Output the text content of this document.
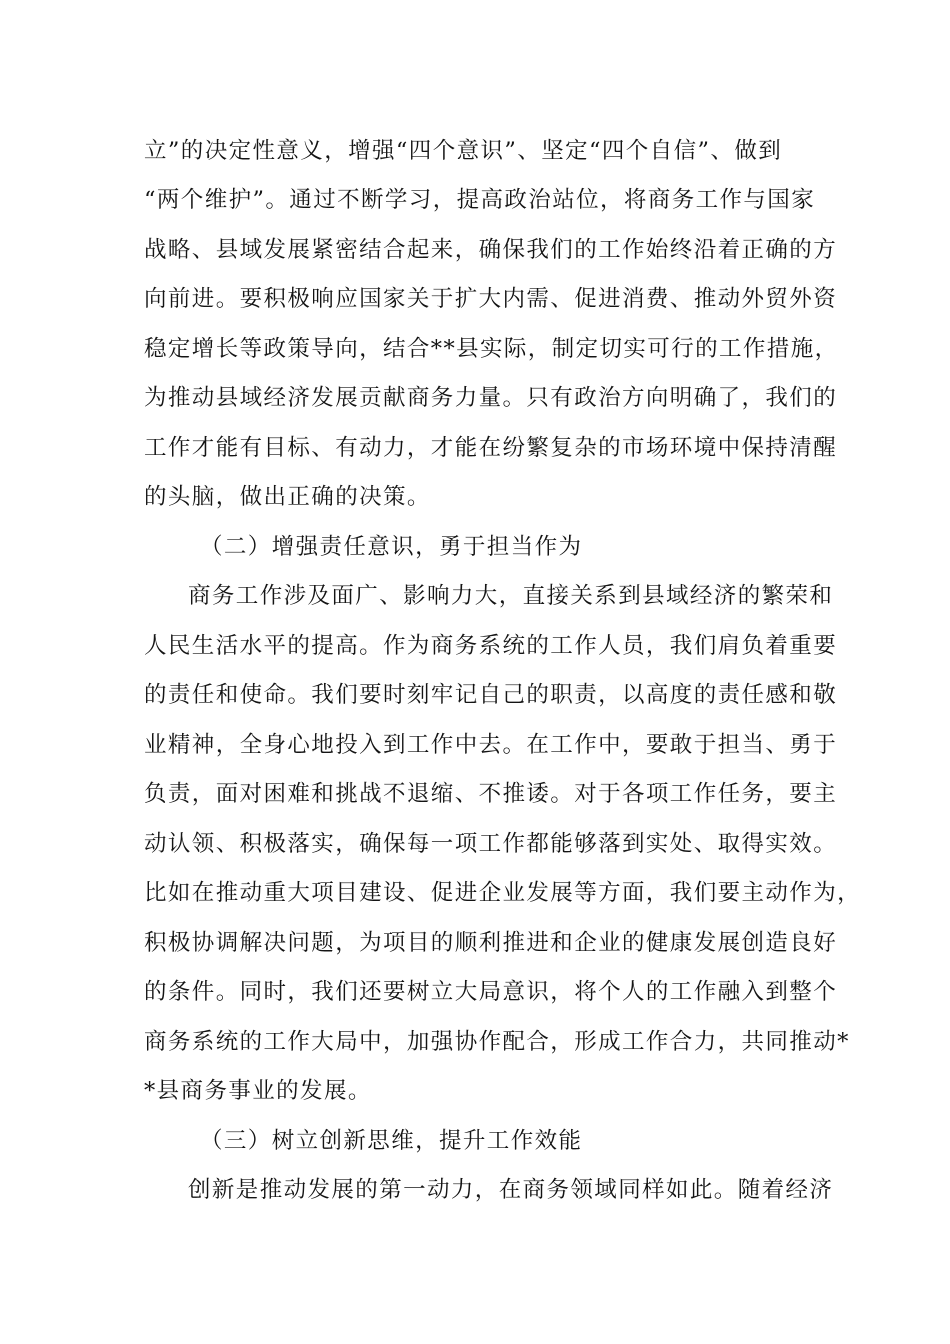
立”的决定性意义，增强“四个意识”、坚定“四个自信”、做到
“两个维护”。通过不断学习，提高政治站位，将商务工作与国家
战略、县域发展紧密结合起来，确保我们的工作始终沿着正确的方
向前进。要积极响应国家关于扩大内需、促进消费、推动外贸外资
稳定增长等政策导向，结合**县实际，制定切实可行的工作措施，
为推动县域经济发展贡献商务力量。只有政治方向明确了，我们的
工作才能有目标、有动力，才能在纷繁复杂的市场环境中保持清醒
的头脑，做出正确的决策。
（二）增强责任意识，勇于担当作为
商务工作涉及面广、影响力大，直接关系到县域经济的繁荣和
人民生活水平的提高。作为商务系统的工作人员，我们肩负着重要
的责任和使命。我们要时刻牢记自己的职责，以高度的责任感和敬
业精神，全身心地投入到工作中去。在工作中，要敢于担当、勇于
负责，面对困难和挑战不退缩、不推诿。对于各项工作任务，要主
动认领、积极落实，确保每一项工作都能够落到实处、取得实效。
比如在推动重大项目建设、促进企业发展等方面，我们要主动作为，
积极协调解决问题，为项目的顺利推进和企业的健康发展创造良好
的条件。同时，我们还要树立大局意识，将个人的工作融入到整个
商务系统的工作大局中，加强协作配合，形成工作合力，共同推动*
*县商务事业的发展。
（三）树立创新思维，提升工作效能
创新是推动发展的第一动力，在商务领域同样如此。随着经济
